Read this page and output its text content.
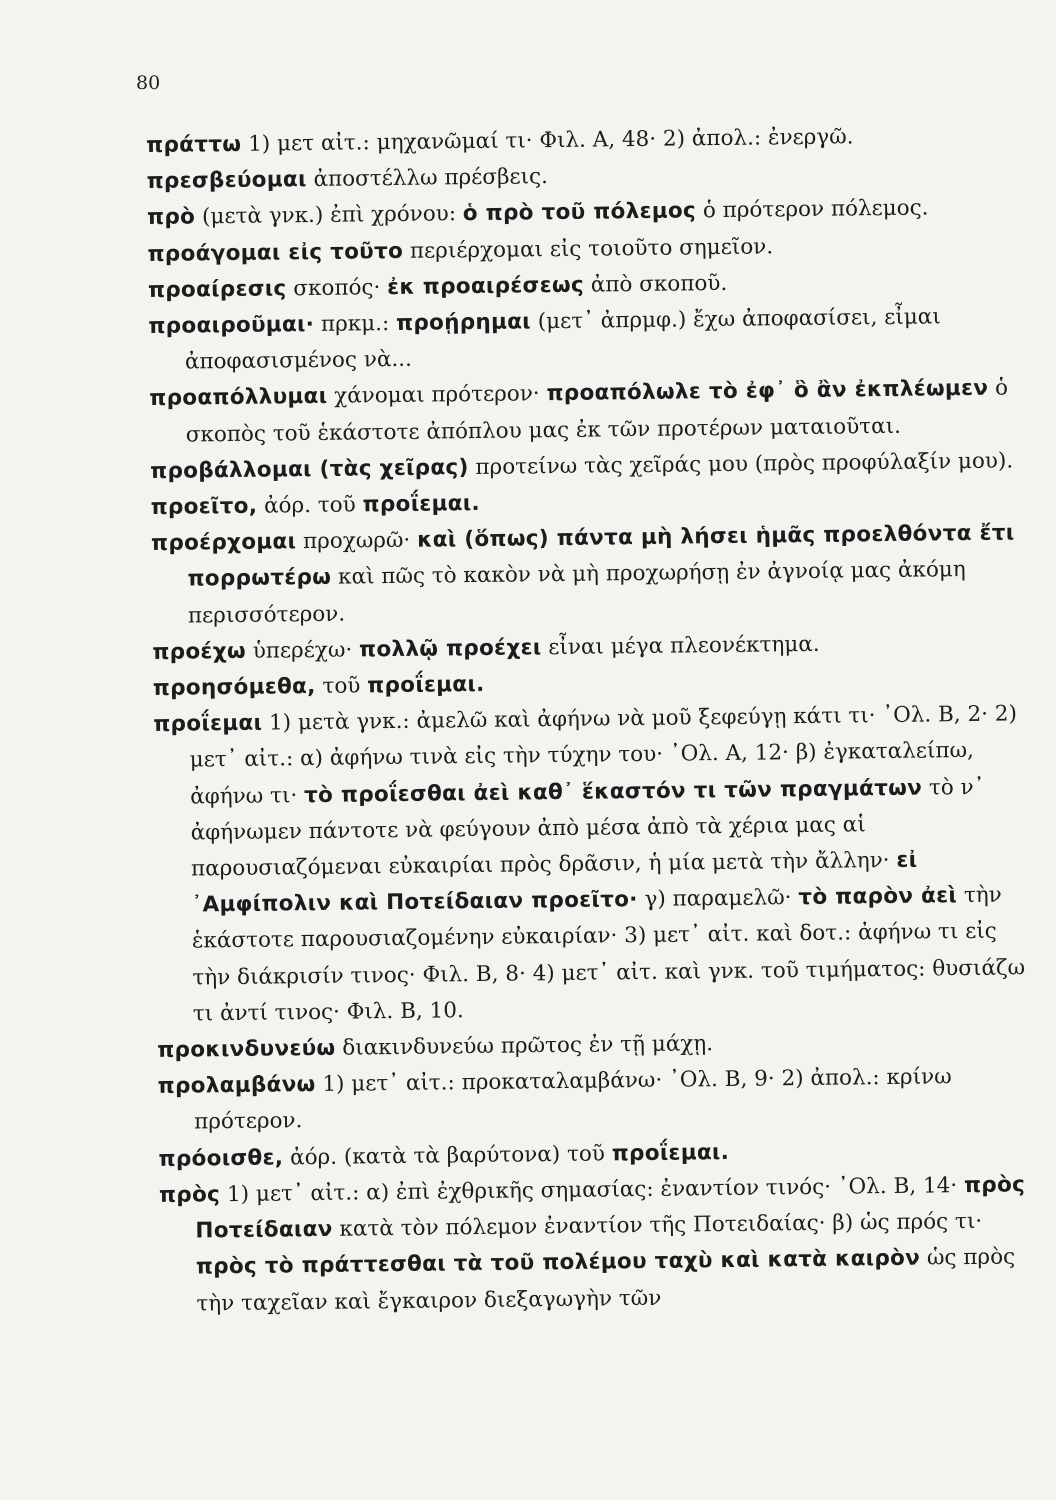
80

πράττω 1) μετ αἰτ.: μηχανῶμαί τι· Φιλ. Α, 48· 2) ἀπολ.: ἐνεργῶ.

πρεσβεύομαι ἀποστέλλω πρέσβεις.

πρὸ (μετὰ γνκ.) ἐπὶ χρόνου: ὁ πρὸ τοῦ πόλεμος ὁ πρότερον πόλεμος.

προάγομαι εἰς τοῦτο περιέρχομαι εἰς τοιοῦτο σημεῖον.

προαίρεσις σκοπός· ἐκ προαιρέσεως ἀπὸ σκοποῦ.

προαιροῦμαι· πρκμ.: προῄρημαι (μετ᾽ ἀπρμφ.) ἔχω ἀποφασίσει, εἶμαι ἀποφασισμένος νὰ...

προαπόλλυμαι χάνομαι πρότερον· προαπόλωλε τὸ ἐφ᾽ ὃ ἂν ἐκπλέωμεν ὁ σκοπὸς τοῦ ἑκάστοτε ἀπόπλου μας ἐκ τῶν προτέρων ματαιοῦται.

προβάλλομαι (τὰς χεῖρας) προτείνω τὰς χεῖράς μου (πρὸς προφύλαξίν μου).

προεῖτο, ἀόρ. τοῦ προΐεμαι.

προέρχομαι προχωρῶ· καὶ (ὅπως) πάντα μὴ λήσει ἡμᾶς προελθόντα ἔτι πορρωτέρω καὶ πῶς τὸ κακὸν νὰ μὴ προχωρήσῃ ἐν ἀγνοίᾳ μας ἀκόμη περισσότερον.

προέχω ὑπερέχω· πολλῷ προέχει εἶναι μέγα πλεονέκτημα.

προησόμεθα, τοῦ προΐεμαι.

προΐεμαι 1) μετὰ γνκ.: ἀμελῶ καὶ ἀφήνω νὰ μοῦ ξεφεύγῃ κάτι τι· ᾿Ολ. Β, 2· 2) μετ᾽ αἰτ.: α) ἀφήνω τινὰ εἰς τὴν τύχην του· ᾿Ολ. Α, 12· β) ἐγκαταλείπω, ἀφήνω τι· τὸ προΐεσθαι ἀεὶ καθ᾽ ἕκαστόν τι τῶν πραγμάτων τὸ ν᾽ ἀφήνωμεν πάντοτε νὰ φεύγουν ἀπὸ μέσα ἀπὸ τὰ χέρια μας αἱ παρουσιαζόμεναι εὐκαιρίαι πρὸς δρᾶσιν, ἡ μία μετὰ τὴν ἄλλην· εἰ ᾿Αμφίπολιν καὶ Ποτείδαιαν προεῖτο· γ) παραμελῶ· τὸ παρὸν ἀεὶ τὴν ἑκάστοτε παρουσιαζομένην εὐκαιρίαν· 3) μετ᾽ αἰτ. καὶ δοτ.: ἀφήνω τι εἰς τὴν διάκρισίν τινος· Φιλ. Β, 8· 4) μετ᾽ αἰτ. καὶ γνκ. τοῦ τιμήματος: θυσιάζω τι ἀντί τινος· Φιλ. Β, 10.

προκινδυνεύω διακινδυνεύω πρῶτος ἐν τῇ μάχῃ.

προλαμβάνω 1) μετ᾽ αἰτ.: προκαταλαμβάνω· ᾿Ολ. Β, 9· 2) ἀπολ.: κρίνω πρότερον.

πρόοισθε, ἀόρ. (κατὰ τὰ βαρύτονα) τοῦ προΐεμαι.

πρὸς 1) μετ᾽ αἰτ.: α) ἐπὶ ἐχθρικῆς σημασίας: ἐναντίον τινός· ᾿Ολ. Β, 14· πρὸς Ποτείδαιαν κατὰ τὸν πόλεμον ἐναντίον τῆς Ποτειδαίας· β) ὡς πρός τι· πρὸς τὸ πράττεσθαι τὰ τοῦ πολέμου ταχὺ καὶ κατὰ καιρὸν ὡς πρὸς τὴν ταχεῖαν καὶ ἔγκαιρον διεξαγωγὴν τῶν
